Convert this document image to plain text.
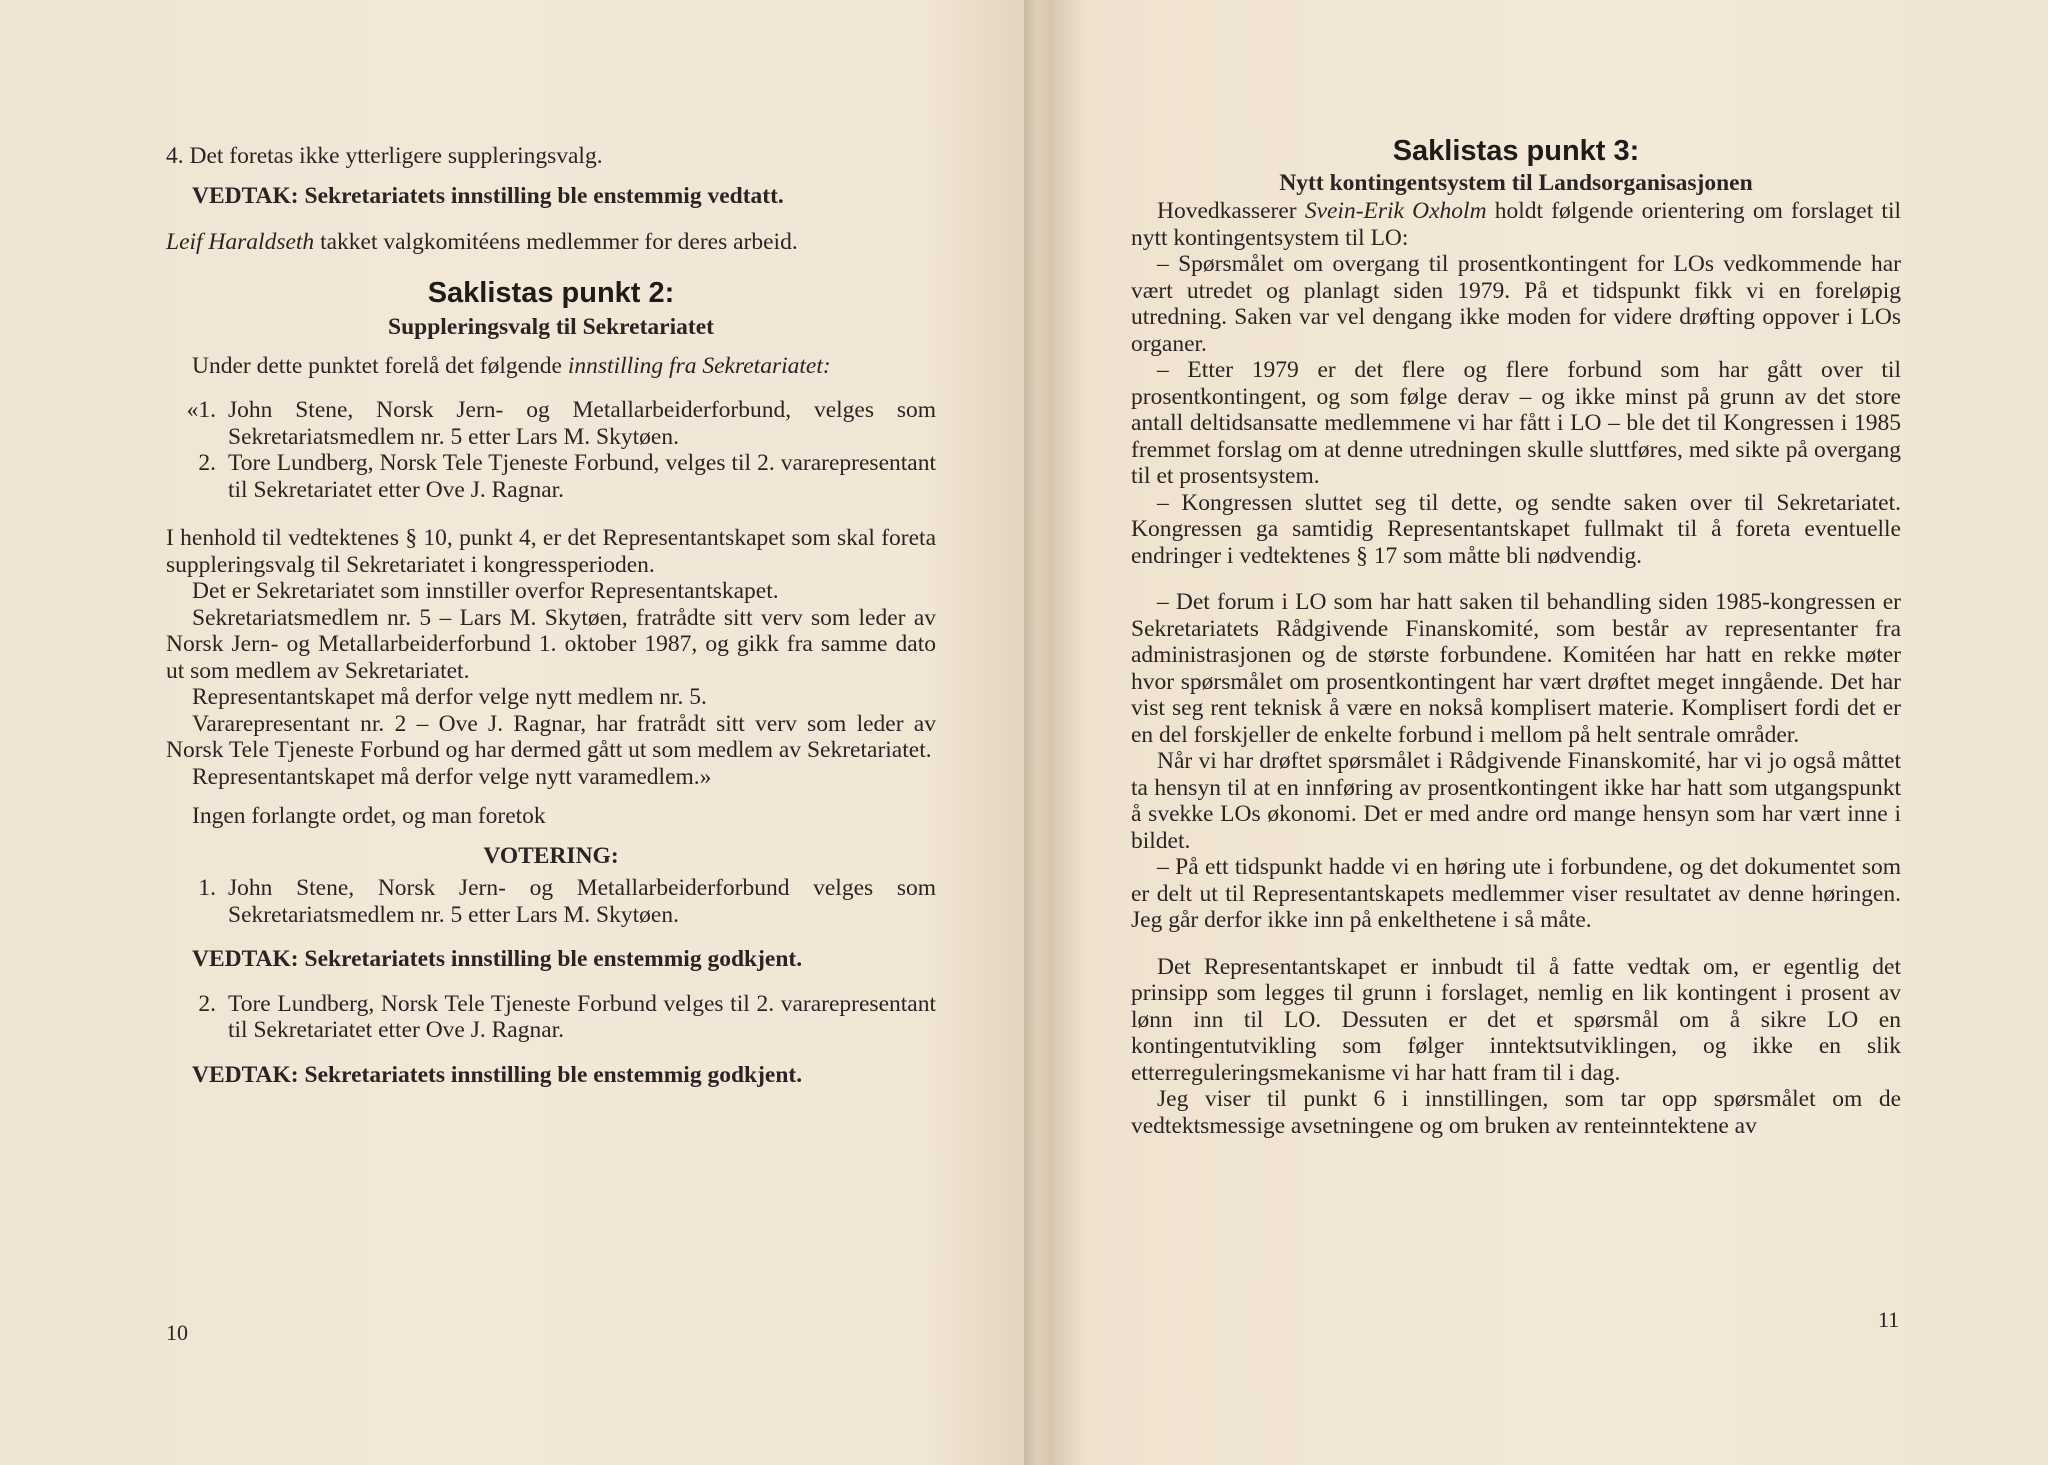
4. Det foretas ikke ytterligere suppleringsvalg.

VEDTAK: Sekretariatets innstilling ble enstemmig vedtatt.

Leif Haraldseth takket valgkomitéens medlemmer for deres arbeid.

Saklistas punkt 2:
Suppleringsvalg til Sekretariatet

Under dette punktet forelå det følgende innstilling fra Sekretariatet:

«1. John Stene, Norsk Jern- og Metallarbeiderforbund, velges som Sekretariatsmedlem nr. 5 etter Lars M. Skytøen.
2. Tore Lundberg, Norsk Tele Tjeneste Forbund, velges til 2. vararepresentant til Sekretariatet etter Ove J. Ragnar.

I henhold til vedtektenes § 10, punkt 4, er det Representantskapet som skal foreta suppleringsvalg til Sekretariatet i kongressperioden.

Det er Sekretariatet som innstiller overfor Representantskapet.

Sekretariatsmedlem nr. 5 – Lars M. Skytøen, fratrådte sitt verv som leder av Norsk Jern- og Metallarbeiderforbund 1. oktober 1987, og gikk fra samme dato ut som medlem av Sekretariatet.

Representantskapet må derfor velge nytt medlem nr. 5.

Vararepresentant nr. 2 – Ove J. Ragnar, har fratrådt sitt verv som leder av Norsk Tele Tjeneste Forbund og har dermed gått ut som medlem av Sekretariatet.

Representantskapet må derfor velge nytt varamedlem.»

Ingen forlangte ordet, og man foretok

VOTERING:

1. John Stene, Norsk Jern- og Metallarbeiderforbund velges som Sekretariatsmedlem nr. 5 etter Lars M. Skytøen.

VEDTAK: Sekretariatets innstilling ble enstemmig godkjent.

2. Tore Lundberg, Norsk Tele Tjeneste Forbund velges til 2. vararepresentant til Sekretariatet etter Ove J. Ragnar.

VEDTAK: Sekretariatets innstilling ble enstemmig godkjent.

10
Saklistas punkt 3:
Nytt kontingentsystem til Landsorganisasjonen

Hovedkasserer Svein-Erik Oxholm holdt følgende orientering om forslaget til nytt kontingentsystem til LO:

– Spørsmålet om overgang til prosentkontingent for LOs vedkommende har vært utredet og planlagt siden 1979. På et tidspunkt fikk vi en foreløpig utredning. Saken var vel dengang ikke moden for videre drøfting oppover i LOs organer.

– Etter 1979 er det flere og flere forbund som har gått over til prosentkontingent, og som følge derav – og ikke minst på grunn av det store antall deltidsansatte medlemmene vi har fått i LO – ble det til Kongressen i 1985 fremmet forslag om at denne utredningen skulle sluttføres, med sikte på overgang til et prosentsystem.

– Kongressen sluttet seg til dette, og sendte saken over til Sekretariatet. Kongressen ga samtidig Representantskapet fullmakt til å foreta eventuelle endringer i vedtektenes § 17 som måtte bli nødvendig.

– Det forum i LO som har hatt saken til behandling siden 1985-kongressen er Sekretariatets Rådgivende Finanskomité, som består av representanter fra administrasjonen og de største forbundene. Komitéen har hatt en rekke møter hvor spørsmålet om prosentkontingent har vært drøftet meget inngående. Det har vist seg rent teknisk å være en nokså komplisert materie. Komplisert fordi det er en del forskjeller de enkelte forbund i mellom på helt sentrale områder.

Når vi har drøftet spørsmålet i Rådgivende Finanskomité, har vi jo også måttet ta hensyn til at en innføring av prosentkontingent ikke har hatt som utgangspunkt å svekke LOs økonomi. Det er med andre ord mange hensyn som har vært inne i bildet.

– På ett tidspunkt hadde vi en høring ute i forbundene, og det dokumentet som er delt ut til Representantskapets medlemmer viser resultatet av denne høringen. Jeg går derfor ikke inn på enkelthetene i så måte.

Det Representantskapet er innbudt til å fatte vedtak om, er egentlig det prinsipp som legges til grunn i forslaget, nemlig en lik kontingent i prosent av lønn inn til LO. Dessuten er det et spørsmål om å sikre LO en kontingentutvikling som følger inntektsutviklingen, og ikke en slik etterreguleringsmekanisme vi har hatt fram til i dag.

Jeg viser til punkt 6 i innstillingen, som tar opp spørsmålet om de vedtektsmessige avsetningene og om bruken av renteinntektene av

11
